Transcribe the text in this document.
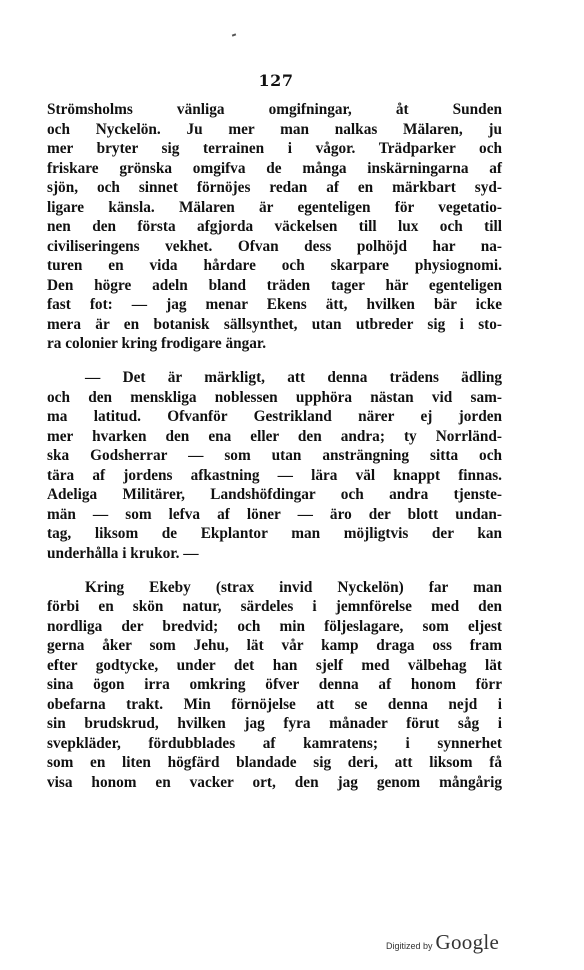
127
Strömsholms vänliga omgifningar, åt Sunden
och Nyckelön. Ju mer man nalkas Mälaren, ju
mer bryter sig terrainen i vågor. Trädparker och
friskare grönska omgifva de många inskärningarna af
sjön, och sinnet förnöjes redan af en märkbart syd-
ligare känsla. Mälaren är egenteligen för vegetatio-
nen den första afgjorda väckelsen till lux och till
civiliseringens vekhet. Ofvan dess polhöjd har na-
turen en vida hårdare och skarpare physiognomi.
Den högre adeln bland träden tager här egenteligen
fast fot: — jag menar Ekens ätt, hvilken bär icke
mera är en botanisk sällsynthet, utan utbreder sig i sto-
ra colonier kring frodigare ängar.
— Det är märkligt, att denna trädens ädling
och den menskliga noblessen upphöra nästan vid sam-
ma latitud. Ofvanför Gestrikland närer ej jorden
mer hvarken den ena eller den andra; ty Norrländ-
ska Godsherrar — som utan ansträngning sitta och
tära af jordens afkastning — lära väl knappt finnas.
Adeliga Militärer, Landshöfdingar och andra tjenste-
män — som lefva af löner — äro der blott undan-
tag, liksom de Ekplantor man möjligtvis der kan
underhålla i krukor. —
Kring Ekeby (strax invid Nyckelön) far man
förbi en skön natur, särdeles i jemnförelse med den
nordliga der bredvid; och min följeslagare, som eljest
gerna åker som Jehu, lät vår kamp draga oss fram
efter godtycke, under det han sjelf med välbehag lät
sina ögon irra omkring öfver denna af honom förr
obefarna trakt. Min förnöjelse att se denna nejd i
sin brudskrud, hvilken jag fyra månader förut såg i
svepkläder, fördubblades af kamratens; i synnerhet
som en liten högfärd blandade sig deri, att liksom få
visa honom en vacker ort, den jag genom mångårig
Digitized by Google
